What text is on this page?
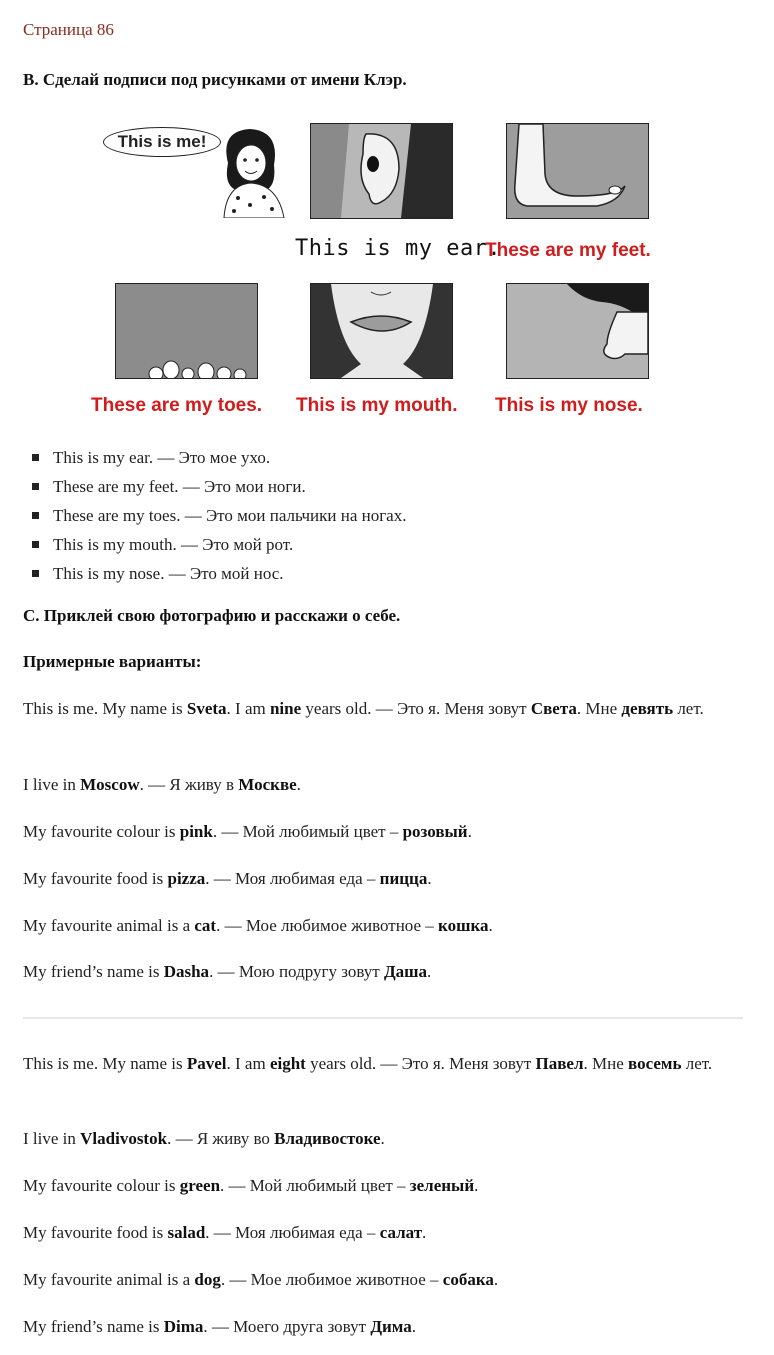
Страница 86
B. Сделай подписи под рисунками от имени Клэр.
This is me!
This is my ear.
These are my feet.
These are my toes. This is my mouth. This is my nose.
This is my ear. — Это мое ухо.
These are my feet. — Это мои ноги.
These are my toes. — Это мои пальчики на ногах.
This is my mouth. — Это мой рот.
This is my nose. — Это мой нос.
C. Приклей свою фотографию и расскажи о себе.
Примерные варианты:

This is me. My name is Sveta. I am nine years old. — Это я. Меня зовут Света. Мне девять лет.

I live in Moscow. — Я живу в Москве.

My favourite colour is pink. — Мой любимый цвет – розовый.

My favourite food is pizza. — Моя любимая еда – пицца.

My favourite animal is a cat. — Мое любимое животное – кошка.

My friend’s name is Dasha. — Мою подругу зовут Даша.

This is me. My name is Pavel. I am eight years old. — Это я. Меня зовут Павел. Мне восемь лет.

I live in Vladivostok. — Я живу во Владивостоке.

My favourite colour is green. — Мой любимый цвет – зеленый.

My favourite food is salad. — Моя любимая еда – салат.

My favourite animal is a dog. — Мое любимое животное – собака.

My friend’s name is Dima. — Моего друга зовут Дима.
